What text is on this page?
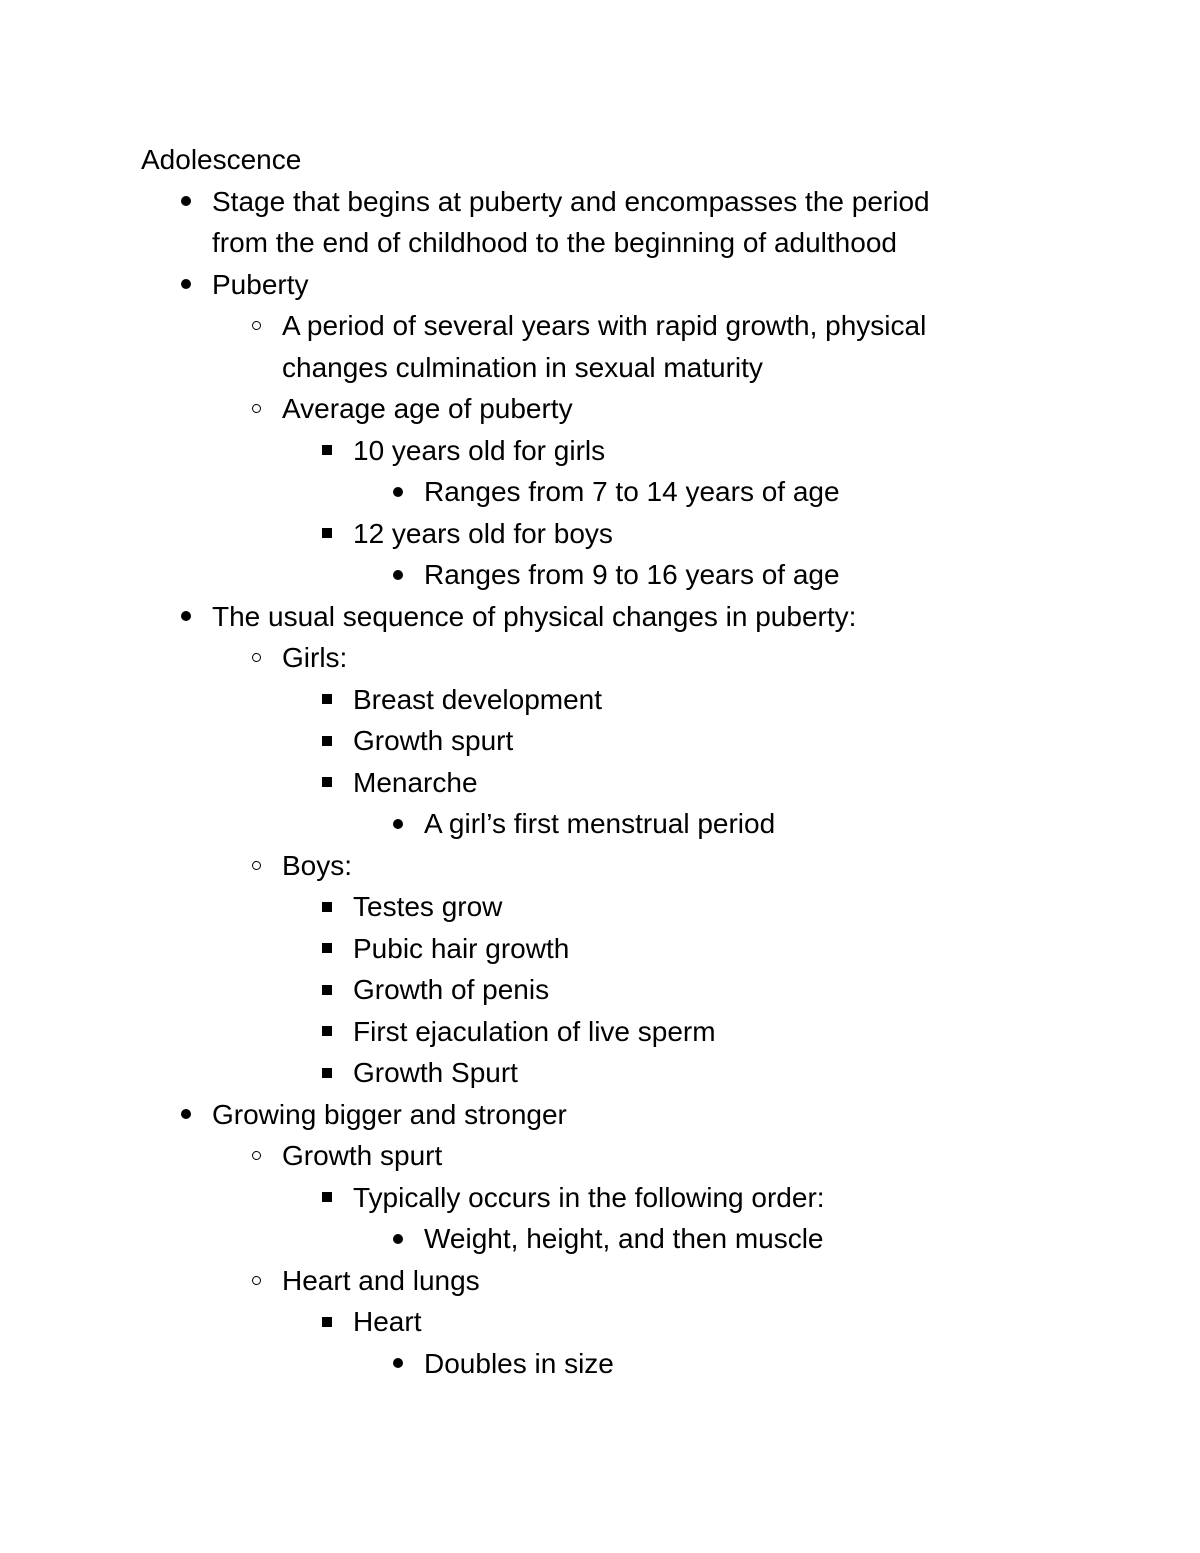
Adolescence
Stage that begins at puberty and encompasses the period
from the end of childhood to the beginning of adulthood
Puberty
A period of several years with rapid growth, physical
changes culmination in sexual maturity
Average age of puberty
10 years old for girls
Ranges from 7 to 14 years of age
12 years old for boys
Ranges from 9 to 16 years of age
The usual sequence of physical changes in puberty:
Girls:
Breast development
Growth spurt
Menarche
A girl’s first menstrual period
Boys:
Testes grow
Pubic hair growth
Growth of penis
First ejaculation of live sperm
Growth Spurt
Growing bigger and stronger
Growth spurt
Typically occurs in the following order:
Weight, height, and then muscle
Heart and lungs
Heart
Doubles in size
